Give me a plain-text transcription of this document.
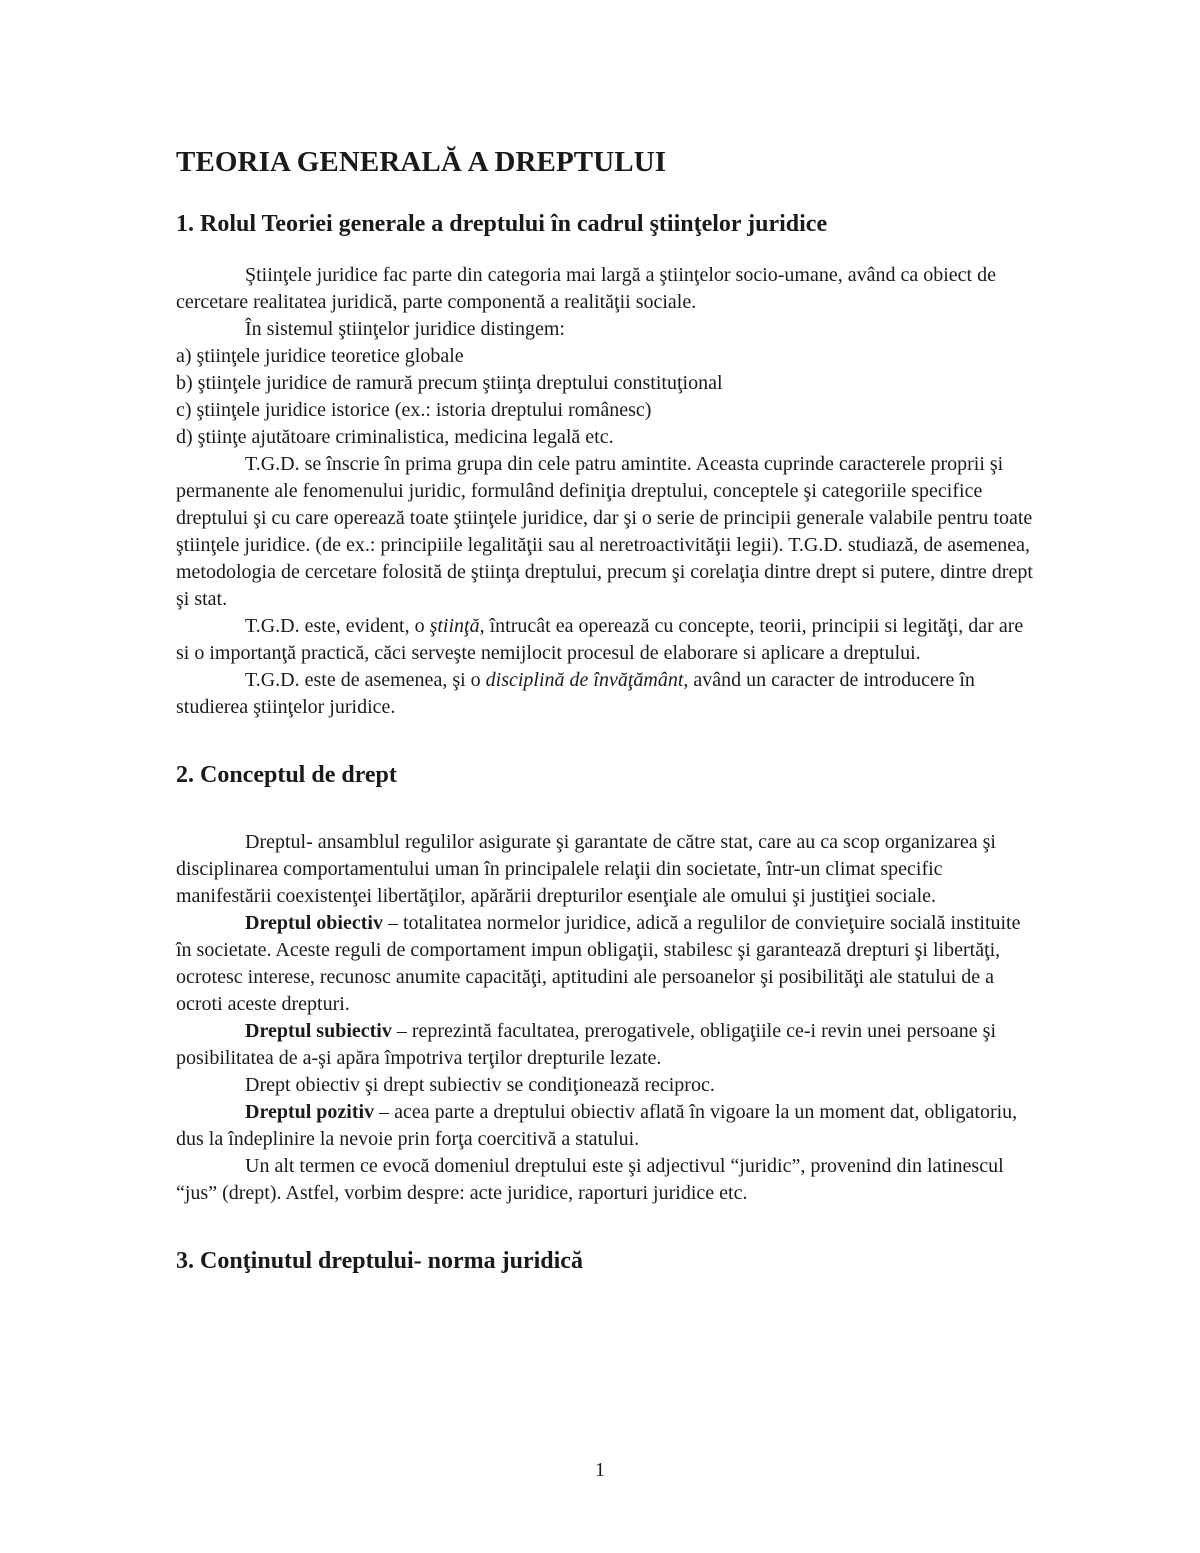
TEORIA GENERALĂ A DREPTULUI
1. Rolul Teoriei generale a dreptului în cadrul ştiinţelor juridice

Ştiinţele juridice fac parte din categoria mai largă a ştiinţelor socio-umane, având ca obiect de cercetare realitatea juridică, parte componentă a realităţii sociale.

În sistemul ştiinţelor juridice distingem:

a) ştiinţele juridice teoretice globale

b) ştiinţele juridice de ramură precum ştiinţa dreptului constituţional

c) ştiinţele juridice istorice (ex.: istoria dreptului românesc)

d) ştiinţe ajutătoare criminalistica, medicina legală etc.

T.G.D. se înscrie în prima grupa din cele patru amintite. Aceasta cuprinde caracterele proprii şi permanente ale fenomenului juridic, formulând definiţia dreptului, conceptele şi categoriile specifice dreptului şi cu care operează toate ştiinţele juridice, dar şi o serie de principii generale valabile pentru toate ştiinţele juridice. (de ex.: principiile legalităţii sau al neretroactivităţii legii). T.G.D. studiază, de asemenea, metodologia de cercetare folosită de ştiinţa dreptului, precum şi corelaţia dintre drept si putere, dintre drept şi stat.

T.G.D. este, evident, o ştiinţă, întrucât ea operează cu concepte, teorii, principii si legităţi, dar are si o importanţă practică, căci serveşte nemijlocit procesul de elaborare si aplicare a dreptului.

T.G.D. este de asemenea, şi o disciplină de învăţământ, având un caracter de introducere în studierea ştiinţelor juridice.

2. Conceptul de drept

Dreptul- ansamblul regulilor asigurate şi garantate de către stat, care au ca scop organizarea şi disciplinarea comportamentului uman în principalele relaţii din societate, într-un climat specific manifestării coexistenţei libertăţilor, apărării drepturilor esenţiale ale omului şi justiţiei sociale.

Dreptul obiectiv – totalitatea normelor juridice, adică a regulilor de convieţuire socială instituite în societate. Aceste reguli de comportament impun obligaţii, stabilesc şi garantează drepturi şi libertăţi, ocrotesc interese, recunosc anumite capacităţi, aptitudini ale persoanelor şi posibilităţi ale statului de a ocroti aceste drepturi.

Dreptul subiectiv – reprezintă facultatea, prerogativele, obligaţiile ce-i revin unei persoane şi posibilitatea de a-şi apăra împotriva terţilor drepturile lezate.

Drept obiectiv şi drept subiectiv se condiţionează reciproc.

Dreptul pozitiv – acea parte a dreptului obiectiv aflată în vigoare la un moment dat, obligatoriu, dus la îndeplinire la nevoie prin forţa coercitivă a statului.

Un alt termen ce evocă domeniul dreptului este şi adjectivul “juridic”, provenind din latinescul “jus” (drept). Astfel, vorbim despre: acte juridice, raporturi juridice etc.

3. Conţinutul dreptului- norma juridică
1
